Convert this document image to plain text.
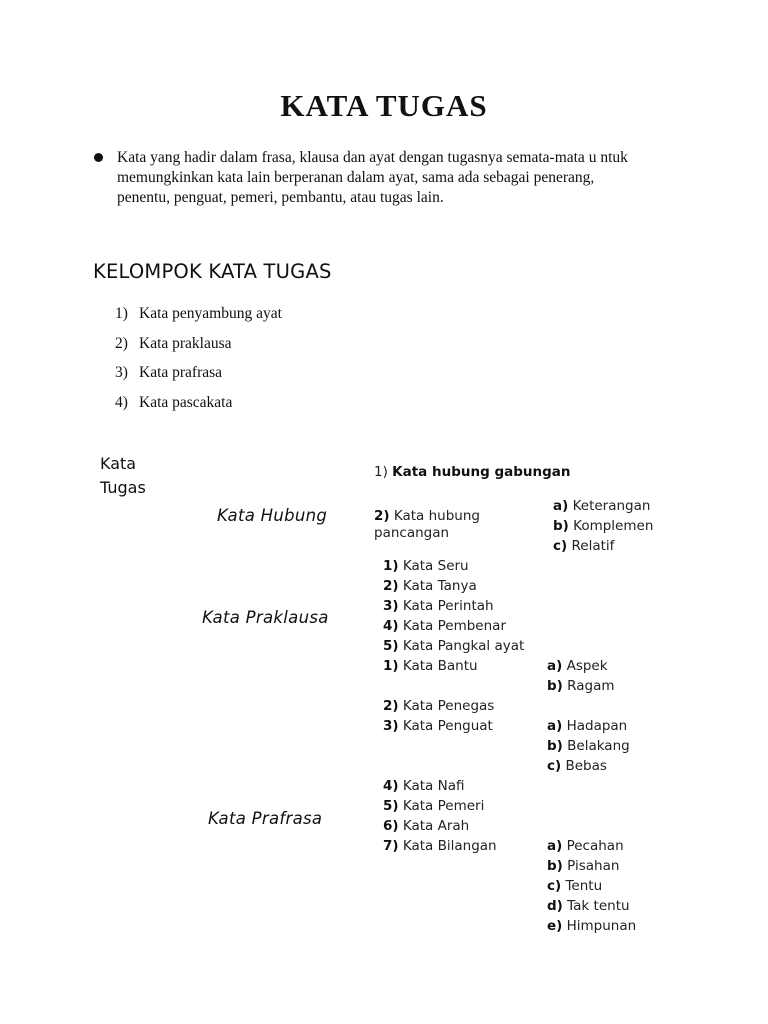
KATA TUGAS
Kata yang hadir dalam frasa, klausa dan ayat dengan tugasnya semata-mata u ntuk
memungkinkan kata lain berperanan dalam ayat, sama ada sebagai penerang,
penentu, penguat, pemeri, pembantu, atau tugas lain.
KELOMPOK KATA TUGAS
1) Kata penyambung ayat
2) Kata praklausa
3) Kata prafrasa
4) Kata pascakata
Kata
Tugas
Kata Hubung
1) Kata hubung gabungan
2) Kata hubung
pancangan
a) Keterangan
b) Komplemen
c) Relatif
Kata Praklausa
1) Kata Seru
2) Kata Tanya
3) Kata Perintah
4) Kata Pembenar
5) Kata Pangkal ayat
Kata Prafrasa
1) Kata Bantu
2) Kata Penegas
3) Kata Penguat
4) Kata Nafi
5) Kata Pemeri
6) Kata Arah
7) Kata Bilangan
a) Aspek
b) Ragam
a) Hadapan
b) Belakang
c) Bebas
a) Pecahan
b) Pisahan
c) Tentu
d) Tak tentu
e) Himpunan
